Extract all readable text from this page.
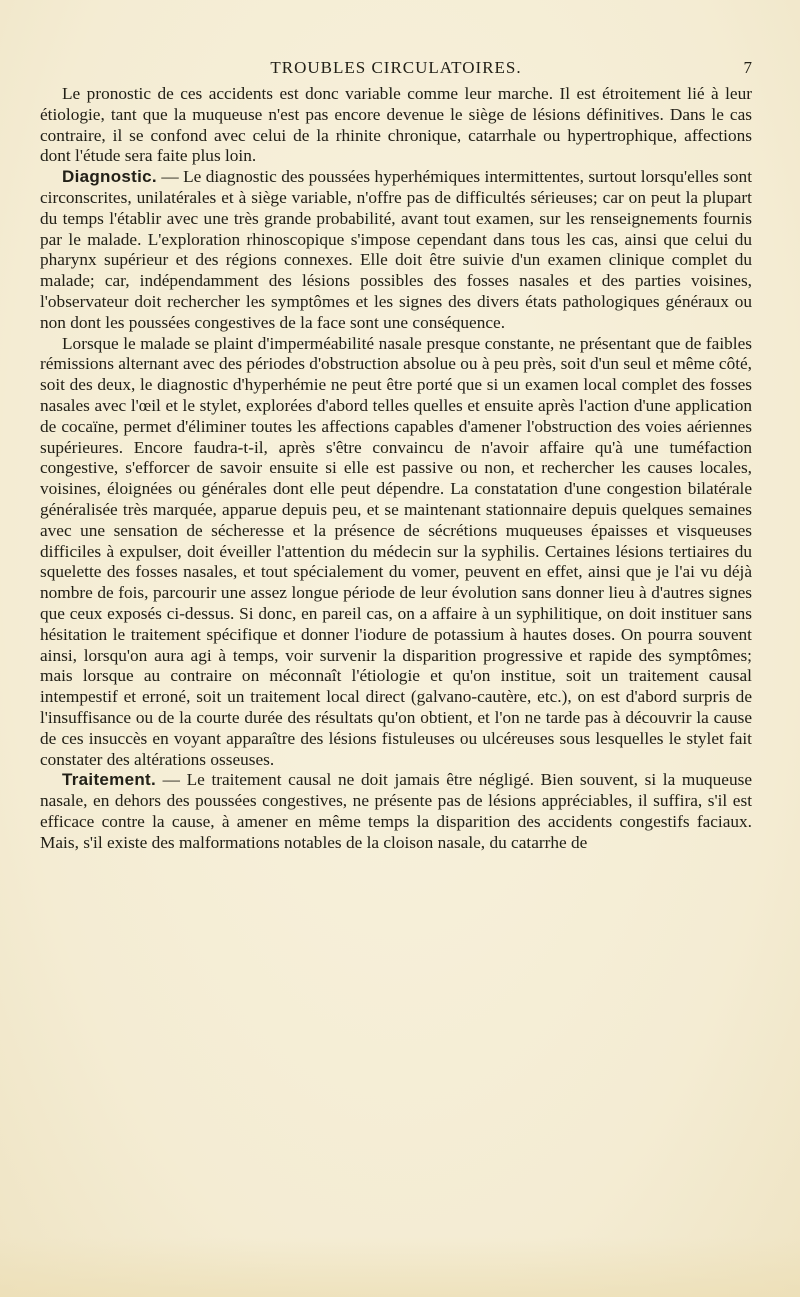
TROUBLES CIRCULATOIRES.	7

Le pronostic de ces accidents est donc variable comme leur marche. Il est étroitement lié à leur étiologie, tant que la muqueuse n'est pas encore devenue le siège de lésions définitives. Dans le cas contraire, il se confond avec celui de la rhinite chronique, catarrhale ou hypertrophique, affections dont l'étude sera faite plus loin.

Diagnostic. — Le diagnostic des poussées hyperhémiques intermittentes, surtout lorsqu'elles sont circonscrites, unilatérales et à siège variable, n'offre pas de difficultés sérieuses; car on peut la plupart du temps l'établir avec une très grande probabilité, avant tout examen, sur les renseignements fournis par le malade. L'exploration rhinoscopique s'impose cependant dans tous les cas, ainsi que celui du pharynx supérieur et des régions connexes. Elle doit être suivie d'un examen clinique complet du malade; car, indépendamment des lésions possibles des fosses nasales et des parties voisines, l'observateur doit rechercher les symptômes et les signes des divers états pathologiques généraux ou non dont les poussées congestives de la face sont une conséquence.

Lorsque le malade se plaint d'imperméabilité nasale presque constante, ne présentant que de faibles rémissions alternant avec des périodes d'obstruction absolue ou à peu près, soit d'un seul et même côté, soit des deux, le diagnostic d'hyperhémie ne peut être porté que si un examen local complet des fosses nasales avec l'œil et le stylet, explorées d'abord telles quelles et ensuite après l'action d'une application de cocaïne, permet d'éliminer toutes les affections capables d'amener l'obstruction des voies aériennes supérieures. Encore faudra-t-il, après s'être convaincu de n'avoir affaire qu'à une tuméfaction congestive, s'efforcer de savoir ensuite si elle est passive ou non, et rechercher les causes locales, voisines, éloignées ou générales dont elle peut dépendre. La constatation d'une congestion bilatérale généralisée très marquée, apparue depuis peu, et se maintenant stationnaire depuis quelques semaines avec une sensation de sécheresse et la présence de sécrétions muqueuses épaisses et visqueuses difficiles à expulser, doit éveiller l'attention du médecin sur la syphilis. Certaines lésions tertiaires du squelette des fosses nasales, et tout spécialement du vomer, peuvent en effet, ainsi que je l'ai vu déjà nombre de fois, parcourir une assez longue période de leur évolution sans donner lieu à d'autres signes que ceux exposés ci-dessus. Si donc, en pareil cas, on a affaire à un syphilitique, on doit instituer sans hésitation le traitement spécifique et donner l'iodure de potassium à hautes doses. On pourra souvent ainsi, lorsqu'on aura agi à temps, voir survenir la disparition progressive et rapide des symptômes; mais lorsque au contraire on méconnaît l'étiologie et qu'on institue, soit un traitement causal intempestif et erroné, soit un traitement local direct (galvano-cautère, etc.), on est d'abord surpris de l'insuffisance ou de la courte durée des résultats qu'on obtient, et l'on ne tarde pas à découvrir la cause de ces insuccès en voyant apparaître des lésions fistuleuses ou ulcéreuses sous lesquelles le stylet fait constater des altérations osseuses.

Traitement. — Le traitement causal ne doit jamais être négligé. Bien souvent, si la muqueuse nasale, en dehors des poussées congestives, ne présente pas de lésions appréciables, il suffira, s'il est efficace contre la cause, à amener en même temps la disparition des accidents congestifs faciaux. Mais, s'il existe des malformations notables de la cloison nasale, du catarrhe de
